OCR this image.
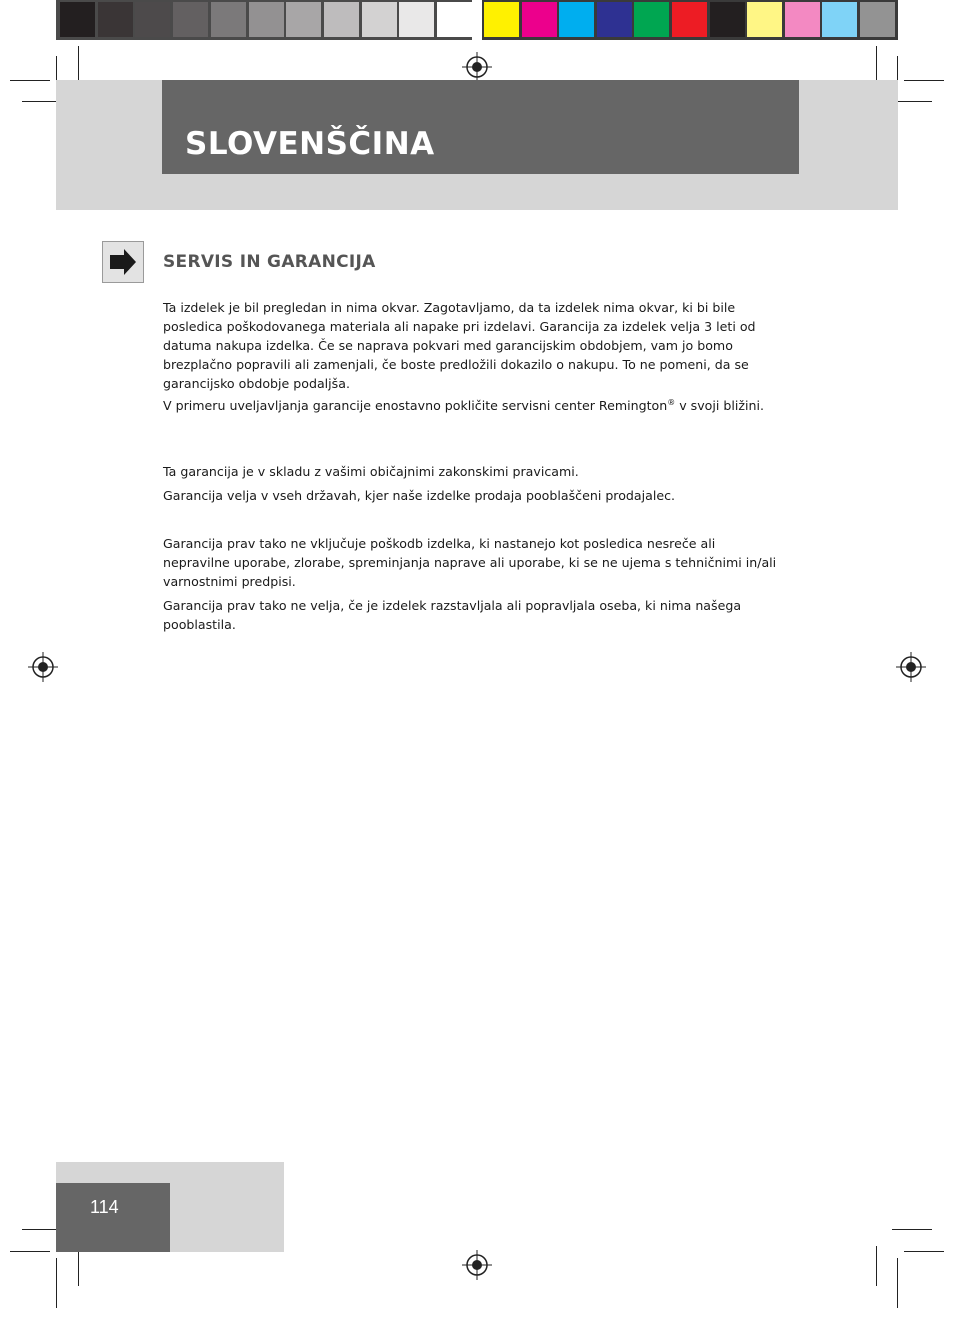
SLOVENŠČINA
SERVIS IN GARANCIJA

Ta izdelek je bil pregledan in nima okvar. Zagotavljamo, da ta izdelek nima okvar, ki bi bile posledica poškodovanega materiala ali napake pri izdelavi. Garancija za izdelek velja 3 leti od datuma nakupa izdelka. Če se naprava pokvari med garancijskim obdobjem, vam jo bomo brezplačno popravili ali zamenjali, če boste predložili dokazilo o nakupu. To ne pomeni, da se garancijsko obdobje podaljša.

V primeru uveljavljanja garancije enostavno pokličite servisni center Remington® v svoji bližini.

Ta garancija je v skladu z vašimi običajnimi zakonskimi pravicami.

Garancija velja v vseh državah, kjer naše izdelke prodaja pooblaščeni prodajalec.

Garancija prav tako ne vključuje poškodb izdelka, ki nastanejo kot posledica nesreče ali nepravilne uporabe, zlorabe, spreminjanja naprave ali uporabe, ki se ne ujema s tehničnimi in/ali varnostnimi predpisi.

Garancija prav tako ne velja, če je izdelek razstavljala ali popravljala oseba, ki nima našega pooblastila.

114
